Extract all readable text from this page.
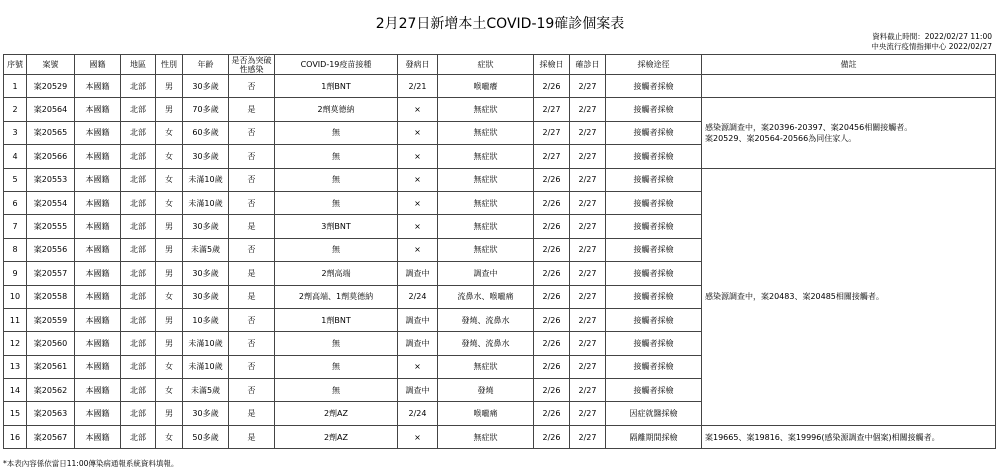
2月27日新增本土COVID-19確診個案表
資料截止時間：2022/02/27 11:00
中央流行疫情指揮中心 2022/02/27
序號	案號	國籍	地區	性別	年齡	是否為突破性感染	COVID-19疫苗接種	發病日	症狀	採檢日	確診日	採檢途徑	備註
1	案20529	本國籍	北部	男	30多歲	否	1劑BNT	2/21	喉嚨癢	2/26	2/27	接觸者採檢	
2	案20564	本國籍	北部	男	70多歲	是	2劑莫德納	×	無症狀	2/27	2/27	接觸者採檢	感染源調查中，案20396-20397、案20456相關接觸者。
案20529、案20564-20566為同住家人。

3	案20565	本國籍	北部	女	60多歲	否	無	×	無症狀	2/27	2/27	接觸者採檢	
4	案20566	本國籍	北部	女	30多歲	否	無	×	無症狀	2/27	2/27	接觸者採檢	
5	案20553	本國籍	北部	女	未滿10歲	否	無	×	無症狀	2/26	2/27	接觸者採檢	感染源調查中，案20483、案20485相關接觸者。

6	案20554	本國籍	北部	女	未滿10歲	否	無	×	無症狀	2/26	2/27	接觸者採檢	
7	案20555	本國籍	北部	男	30多歲	是	3劑BNT	×	無症狀	2/26	2/27	接觸者採檢	
8	案20556	本國籍	北部	男	未滿5歲	否	無	×	無症狀	2/26	2/27	接觸者採檢	
9	案20557	本國籍	北部	男	30多歲	是	2劑高端	調查中	調查中	2/26	2/27	接觸者採檢	
10	案20558	本國籍	北部	女	30多歲	是	2劑高端、1劑莫德納	2/24	流鼻水、喉嚨痛	2/26	2/27	接觸者採檢	
11	案20559	本國籍	北部	男	10多歲	否	1劑BNT	調查中	發燒、流鼻水	2/26	2/27	接觸者採檢	
12	案20560	本國籍	北部	男	未滿10歲	否	無	調查中	發燒、流鼻水	2/26	2/27	接觸者採檢	
13	案20561	本國籍	北部	女	未滿10歲	否	無	×	無症狀	2/26	2/27	接觸者採檢	
14	案20562	本國籍	北部	女	未滿5歲	否	無	調查中	發燒	2/26	2/27	接觸者採檢	
15	案20563	本國籍	北部	男	30多歲	是	2劑AZ	2/24	喉嚨痛	2/26	2/27	因症就醫採檢	
16	案20567	本國籍	北部	女	50多歲	是	2劑AZ	×	無症狀	2/26	2/27	隔離期間採檢	案19665、案19816、案19996(感染源調查中個案)相關接觸者。
*本表內容係依當日11:00傳染病通報系統資料填報。
